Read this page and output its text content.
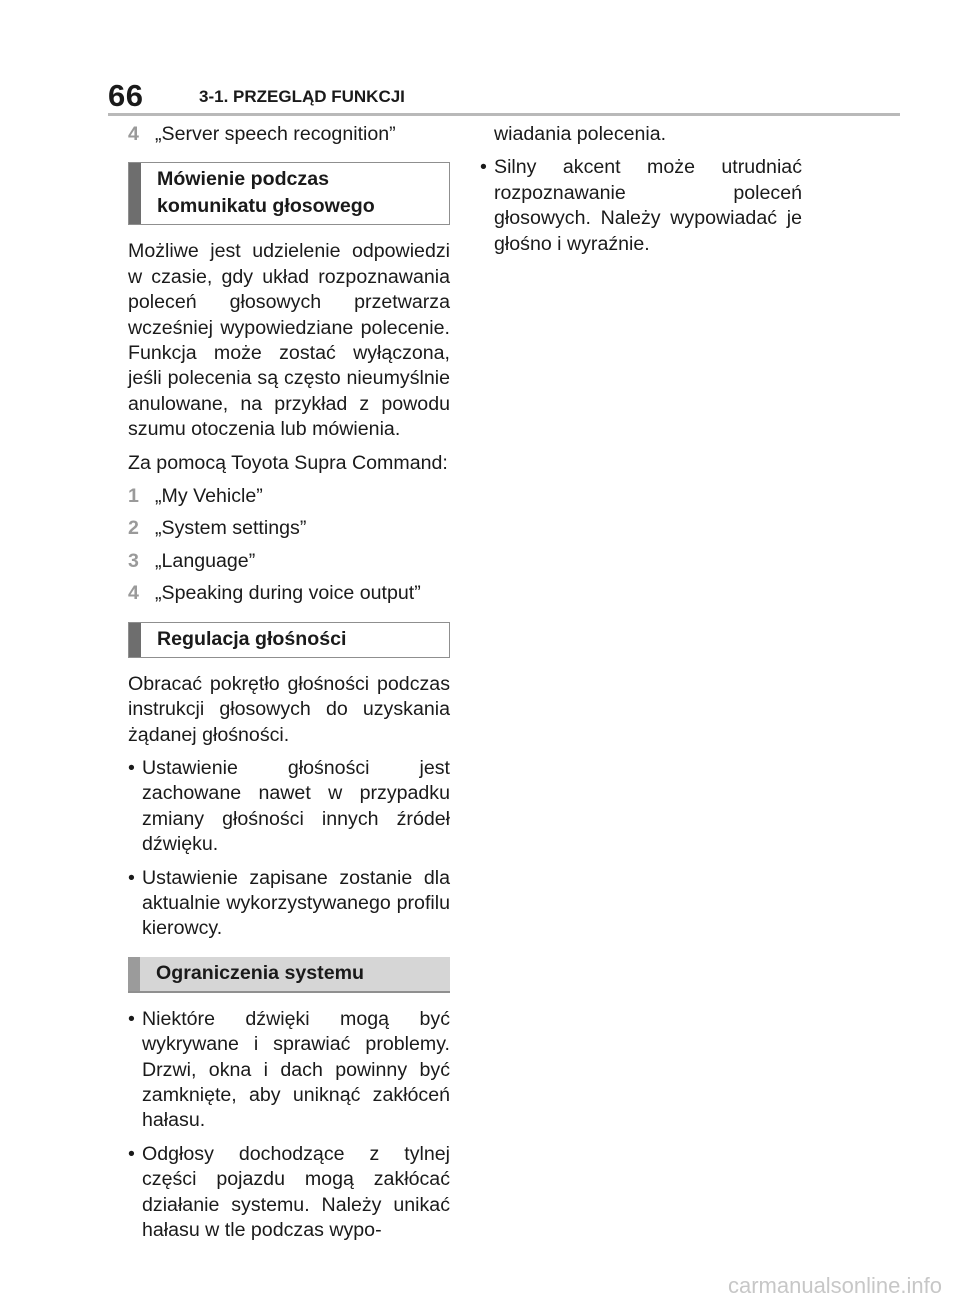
66	3-1. PRZEGLĄD FUNKCJI
4 „Server speech recognition”
Mówienie podczas komunikatu głosowego

Możliwe jest udzielenie odpowiedzi w czasie, gdy układ rozpoznawania poleceń głosowych przetwarza wcześniej wypowiedziane polecenie. Funkcja może zostać wyłączona, jeśli polecenia są często nieumyślnie anulowane, na przykład z powodu szumu otoczenia lub mówienia.

Za pomocą Toyota Supra Command:

1 „My Vehicle”
2 „System settings”
3 „Language”
4 „Speaking during voice output”
Regulacja głośności

Obracać pokrętło głośności podczas instrukcji głosowych do uzyskania żądanej głośności.

• Ustawienie głośności jest zachowane nawet w przypadku zmiany głośności innych źródeł dźwięku.
• Ustawienie zapisane zostanie dla aktualnie wykorzystywanego profilu kierowcy.
Ograniczenia systemu
• Niektóre dźwięki mogą być wykrywane i sprawiać problemy. Drzwi, okna i dach powinny być zamknięte, aby uniknąć zakłóceń hałasu.
• Odgłosy dochodzące z tylnej części pojazdu mogą zakłócać działanie systemu. Należy unikać hałasu w tle podczas wypo-
wiadania polecenia.
• Silny akcent może utrudniać rozpoznawanie poleceń głosowych. Należy wypowiadać je głośno i wyraźnie.
carmanualsonline.info
